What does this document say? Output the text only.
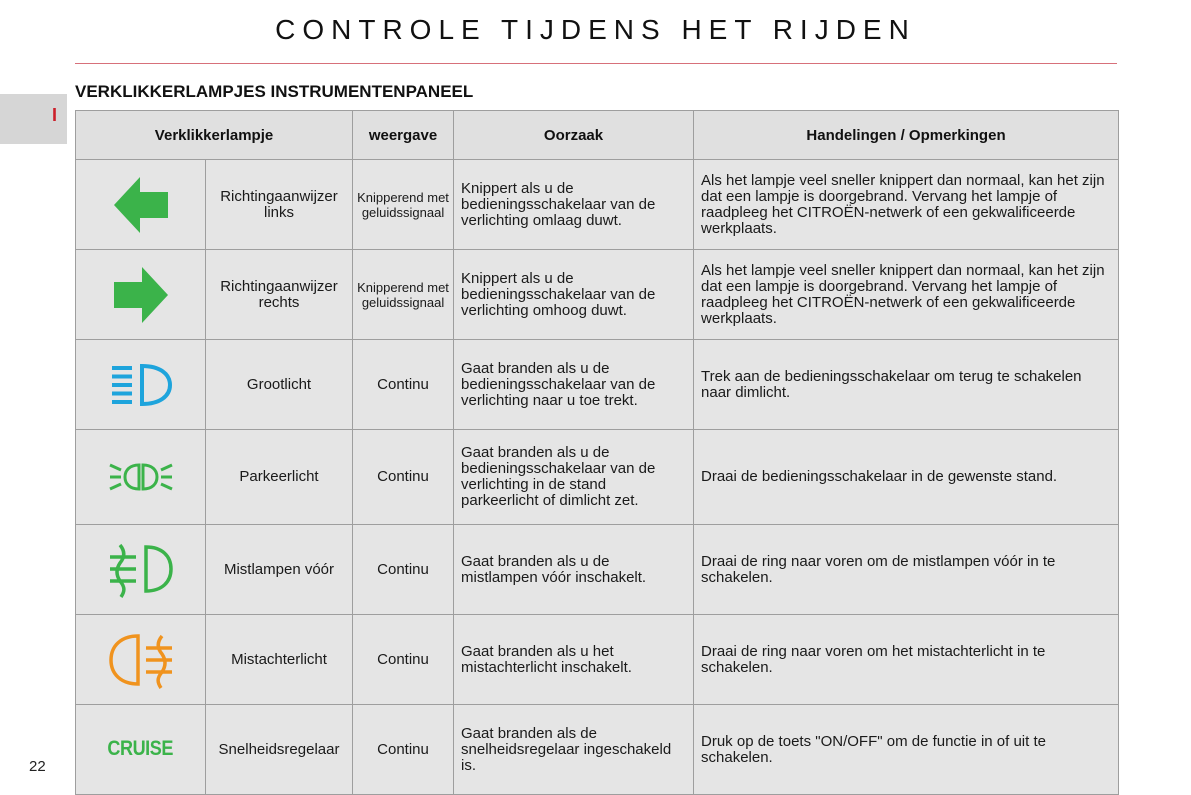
CONTROLE TIJDENS HET RIJDEN
I
VERKLIKKERLAMPJES INSTRUMENTENPANEEL
Verklikkerlampje		weergave	Oorzaak	Handelingen / Opmerkingen

	Richtingaanwijzer links	Knipperend met geluidssignaal	Knippert als u de bedieningsschakelaar van de verlichting omlaag duwt.	Als het lampje veel sneller knippert dan normaal, kan het zijn dat een lampje is doorgebrand. Vervang het lampje of raadpleeg het CITROËN-netwerk of een gekwalificeerde werkplaats.

	Richtingaanwijzer rechts	Knipperend met geluidssignaal	Knippert als u de bedieningsschakelaar van de verlichting omhoog duwt.	Als het lampje veel sneller knippert dan normaal, kan het zijn dat een lampje is doorgebrand. Vervang het lampje of raadpleeg het CITROËN-netwerk of een gekwalificeerde werkplaats.

	Grootlicht	Continu	Gaat branden als u de bedieningsschakelaar van de verlichting naar u toe trekt.	Trek aan de bedieningsschakelaar om terug te schakelen naar dimlicht.

	Parkeerlicht	Continu	Gaat branden als u de bedieningsschakelaar van de verlichting in de stand parkeerlicht of dimlicht zet.	Draai de bedieningsschakelaar in de gewenste stand.

	Mistlampen vóór	Continu	Gaat branden als u de mistlampen vóór inschakelt.	Draai de ring naar voren om de mistlampen vóór in te schakelen.

	Mistachterlicht	Continu	Gaat branden als u het mistachterlicht inschakelt.	Draai de ring naar voren om het mistachterlicht in te schakelen.
CRUISE	Snelheidsregelaar	Continu	Gaat branden als de snelheidsregelaar ingeschakeld is.	Druk op de toets "ON/OFF" om de functie in of uit te schakelen.
22
